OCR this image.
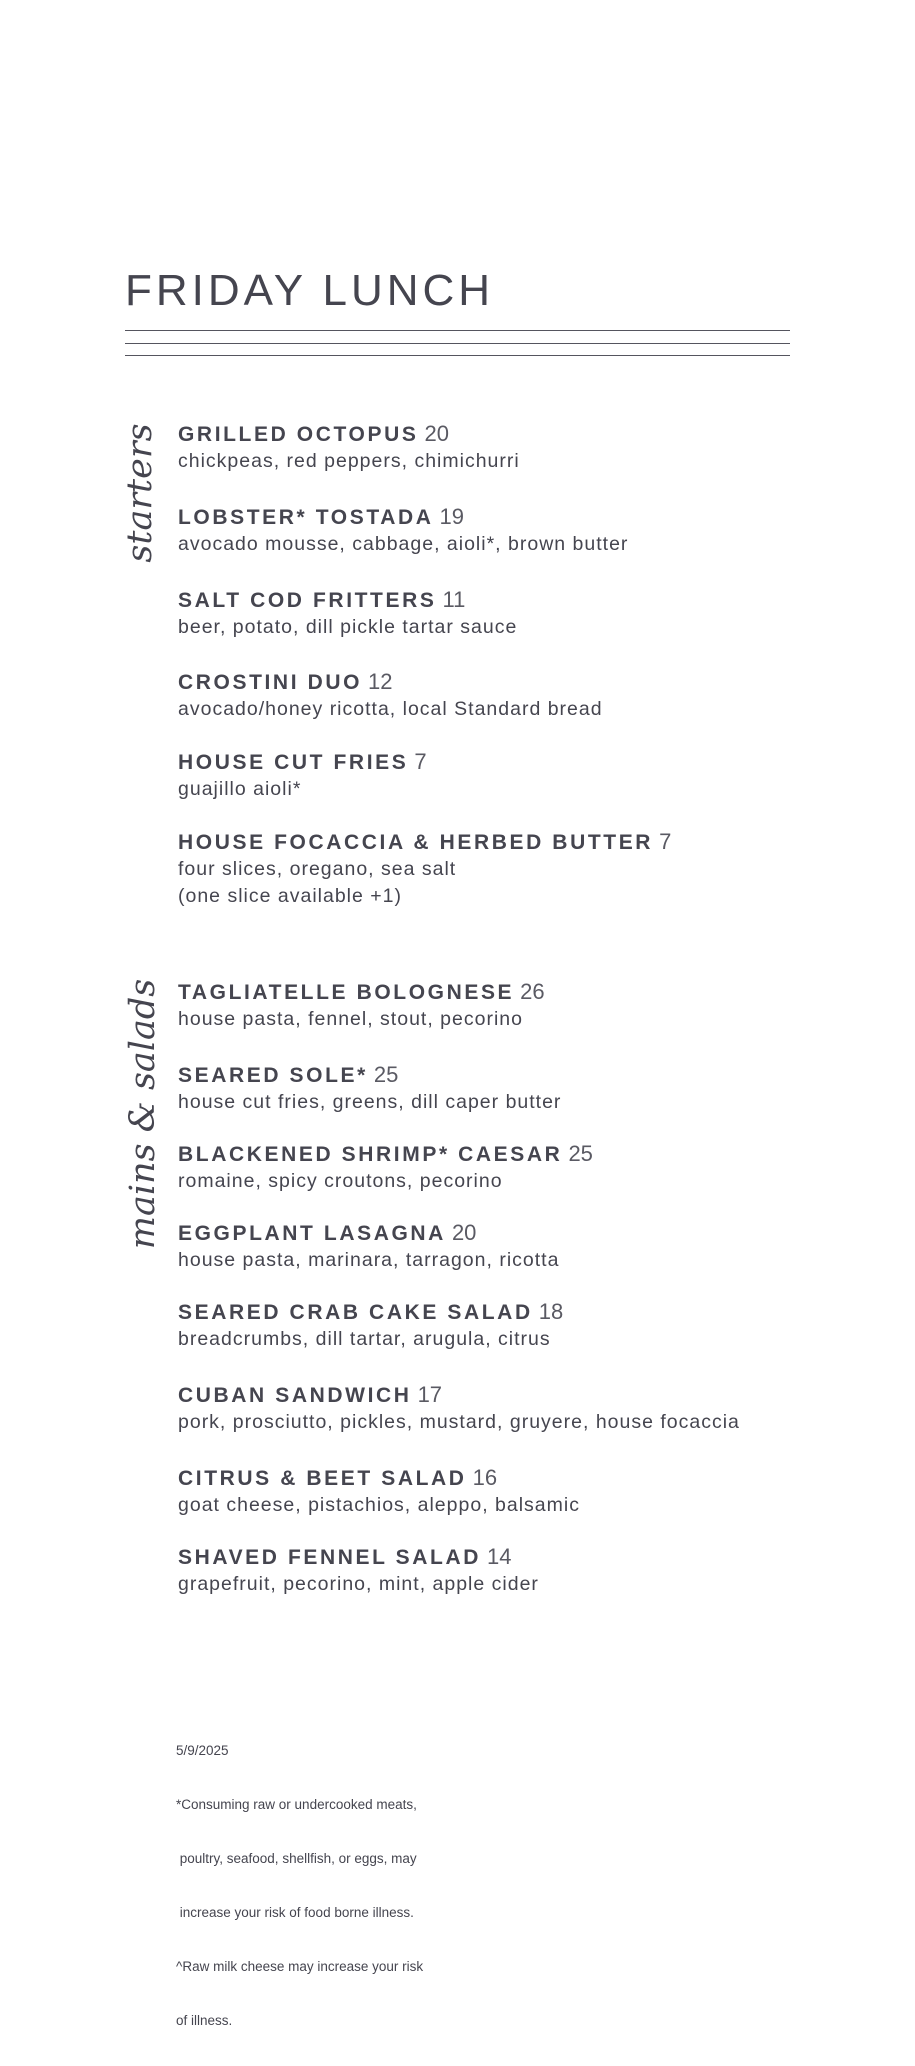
FRIDAY LUNCH
starters GRILLED OCTOPUS 20
chickpeas, red peppers, chimichurri
LOBSTER* TOSTADA 19
avocado mousse, cabbage, aioli*, brown butter
SALT COD FRITTERS 11
beer, potato, dill pickle tartar sauce
CROSTINI DUO 12
avocado/honey ricotta, local Standard bread
HOUSE CUT FRIES 7
guajillo aioli*
HOUSE FOCACCIA & HERBED BUTTER 7
four slices, oregano, sea salt
(one slice available +1)
mains & salads TAGLIATELLE BOLOGNESE 26
house pasta, fennel, stout, pecorino
SEARED SOLE* 25
house cut fries, greens, dill caper butter
BLACKENED SHRIMP* CAESAR 25
romaine, spicy croutons, pecorino
EGGPLANT LASAGNA 20
house pasta, marinara, tarragon, ricotta
SEARED CRAB CAKE SALAD 18
breadcrumbs, dill tartar, arugula, citrus
CUBAN SANDWICH 17
pork, prosciutto, pickles, mustard, gruyere, house focaccia
CITRUS & BEET SALAD 16
goat cheese, pistachios, aleppo, balsamic
SHAVED FENNEL SALAD 14
grapefruit, pecorino, mint, apple cider

5/9/2025

*Consuming raw or undercooked meats,

poultry, seafood, shellfish, or eggs, may

increase your risk of food borne illness.

^Raw milk cheese may increase your risk

of illness.
